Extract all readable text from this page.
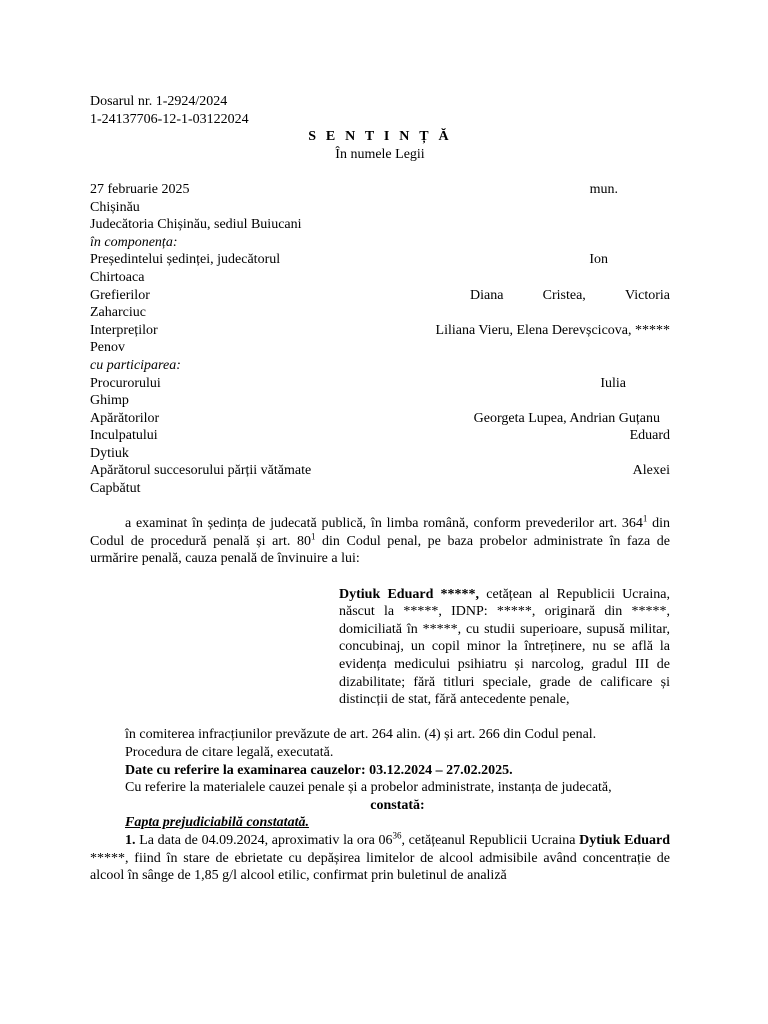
Dosarul nr. 1-2924/2024
1-24137706-12-1-03122024
S E N T I N Ț Ă
În numele Legii
27 februarie 2025	mun.
Chișinău
Judecătoria Chișinău, sediul Buiucani
în componența:
Președintelui ședinței, judecătorul	Ion
Chirtoaca
Grefierilor	Diana	Cristea,	Victoria
Zaharciuc
Interpreților	Liliana Vieru, Elena Derevșcicova, *****
Penov
cu participarea:
Procurorului	Iulia
Ghimp
Apărătorilor	Georgeta Lupea, Andrian Guțanu
Inculpatului	Eduard
Dytiuk
Apărătorul succesorului părții vătămate	Alexei
Capbătut
a examinat în ședința de judecată publică, în limba română, conform prevederilor art. $364^1$ din Codul de procedură penală și art. $80^1$ din Codul penal, pe baza probelor administrate în faza de urmărire penală, cauza penală de învinuire a lui:
Dytiuk Eduard *****, cetățean al Republicii Ucraina, născut la *****, IDNP: *****, originară din *****, domiciliată în *****, cu studii superioare, supusă militar, concubinaj, un copil minor la întreținere, nu se află la evidența medicului psihiatru și narcolog, gradul III de dizabilitate; fără titluri speciale, grade de calificare și distincții de stat, fără antecedente penale,
în comiterea infracțiunilor prevăzute de art. 264 alin. (4) și art. 266 din Codul penal.
Procedura de citare legală, executată.
Date cu referire la examinarea cauzelor: 03.12.2024 – 27.02.2025.
Cu referire la materialele cauzei penale și a probelor administrate, instanța de judecată,
constată:
Fapta prejudiciabilă constatată.
1. La data de 04.09.2024, aproximativ la ora $06^{36}$, cetățeanul Republicii Ucraina Dytiuk Eduard *****, fiind în stare de ebrietate cu depășirea limitelor de alcool admisibile având concentrație de alcool în sânge de 1,85 g/l alcool etilic, confirmat prin buletinul de analiză
